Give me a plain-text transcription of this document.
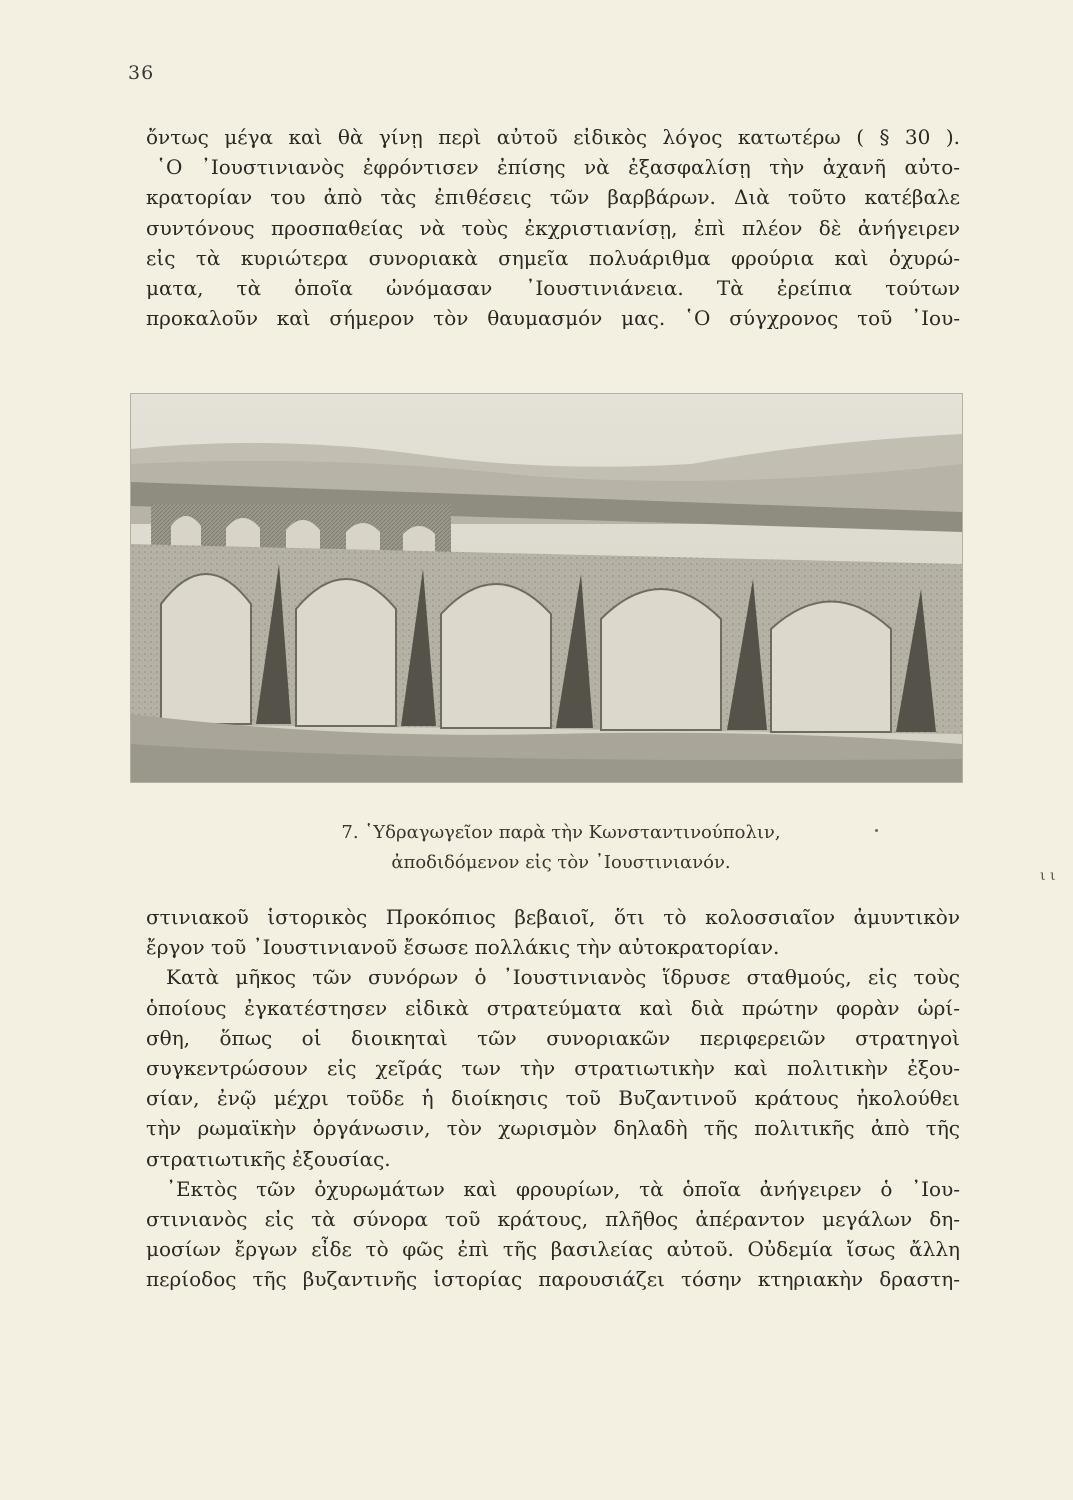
36
ὄντως μέγα καὶ θὰ γίνῃ περὶ αὐτοῦ εἰδικὸς λόγος κατωτέρω ( § 30 ).
῾Ο ᾿Ιουστινιανὸς ἐφρόντισεν ἐπίσης νὰ ἐξασφαλίσῃ τὴν ἀχανῆ αὐτο-
κρατορίαν του ἀπὸ τὰς ἐπιθέσεις τῶν βαρβάρων. Διὰ τοῦτο κατέβαλε
συντόνους προσπαθείας νὰ τοὺς ἐκχριστιανίσῃ, ἐπὶ πλέον δὲ ἀνήγειρεν
εἰς τὰ κυριώτερα συνοριακὰ σημεῖα πολυάριθμα φρούρια καὶ ὀχυρώ-
ματα, τὰ ὁποῖα ὠνόμασαν ᾿Ιουστινιάνεια. Τὰ ἐρείπια τούτων
προκαλοῦν καὶ σήμερον τὸν θαυμασμόν μας. ῾Ο σύγχρονος τοῦ ᾿Ιου-
7. ῾Υδραγωγεῖον παρὰ τὴν Κωνσταντινούπολιν,
ἀποδιδόμενον εἰς τὸν ᾿Ιουστινιανόν.
ι ι
στινιακοῦ ἱστορικὸς Προκόπιος βεβαιοῖ, ὅτι τὸ κολοσσιαῖον ἀμυντικὸν
ἔργον τοῦ ᾿Ιουστινιανοῦ ἔσωσε πολλάκις τὴν αὐτοκρατορίαν.
Κατὰ μῆκος τῶν συνόρων ὁ ᾿Ιουστινιανὸς ἵδρυσε σταθμούς, εἰς τοὺς
ὁποίους ἐγκατέστησεν εἰδικὰ στρατεύματα καὶ διὰ πρώτην φορὰν ὡρί-
σθη, ὅπως οἱ διοικηταὶ τῶν συνοριακῶν περιφερειῶν στρατηγοὶ
συγκεντρώσουν εἰς χεῖράς των τὴν στρατιωτικὴν καὶ πολιτικὴν ἐξου-
σίαν, ἐνῷ μέχρι τοῦδε ἡ διοίκησις τοῦ Βυζαντινοῦ κράτους ἠκολούθει
τὴν ρωμαϊκὴν ὀργάνωσιν, τὸν χωρισμὸν δηλαδὴ τῆς πολιτικῆς ἀπὸ τῆς
στρατιωτικῆς ἐξουσίας.
᾿Εκτὸς τῶν ὀχυρωμάτων καὶ φρουρίων, τὰ ὁποῖα ἀνήγειρεν ὁ ᾿Ιου-
στινιανὸς εἰς τὰ σύνορα τοῦ κράτους, πλῆθος ἀπέραντον μεγάλων δη-
μοσίων ἔργων εἶδε τὸ φῶς ἐπὶ τῆς βασιλείας αὐτοῦ. Οὐδεμία ἴσως ἄλλη
περίοδος τῆς βυζαντινῆς ἱστορίας παρουσιάζει τόσην κτηριακὴν δραστη-
